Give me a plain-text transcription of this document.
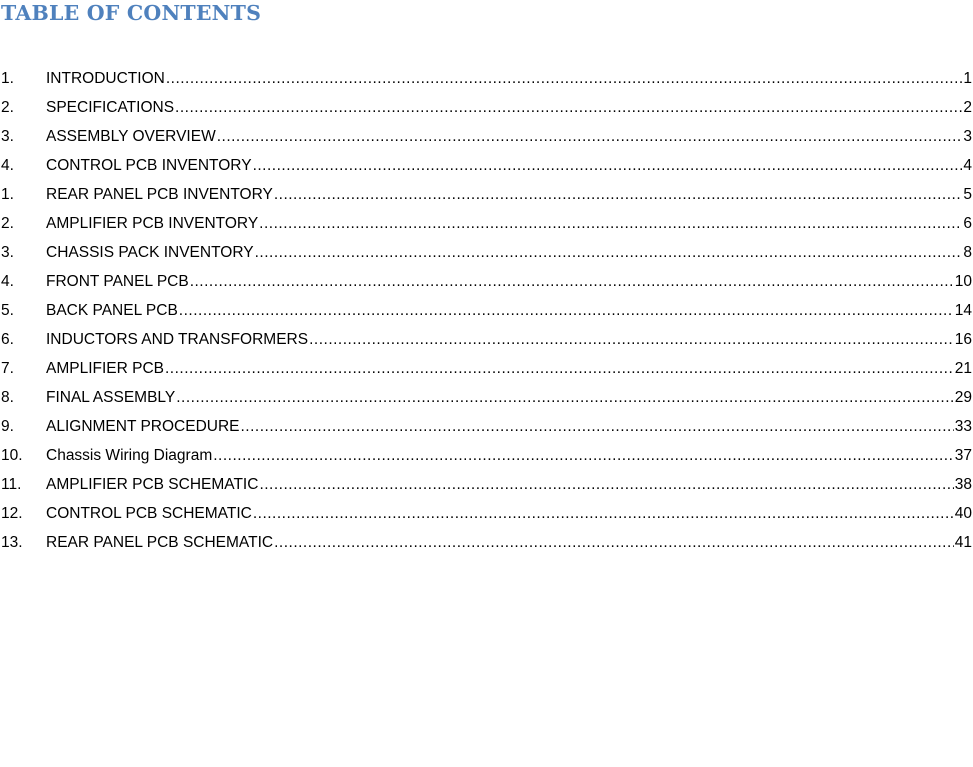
TABLE OF CONTENTS
1.	INTRODUCTION .....	1
2.	SPECIFICATIONS .....	2
3.	ASSEMBLY OVERVIEW .....	3
4.	CONTROL PCB INVENTORY .....	4
1.	REAR PANEL PCB INVENTORY .....	5
2.	AMPLIFIER PCB INVENTORY .....	6
3.	CHASSIS PACK INVENTORY .....	8
4.	FRONT PANEL PCB .....	10
5.	BACK PANEL PCB .....	14
6.	INDUCTORS AND TRANSFORMERS .....	16
7.	AMPLIFIER PCB .....	21
8.	FINAL ASSEMBLY .....	29
9.	ALIGNMENT PROCEDURE .....	33
10.	Chassis Wiring Diagram .....	37
11.	AMPLIFIER PCB SCHEMATIC .....	38
12.	CONTROL PCB SCHEMATIC .....	40
13.	REAR PANEL PCB SCHEMATIC .....	41
